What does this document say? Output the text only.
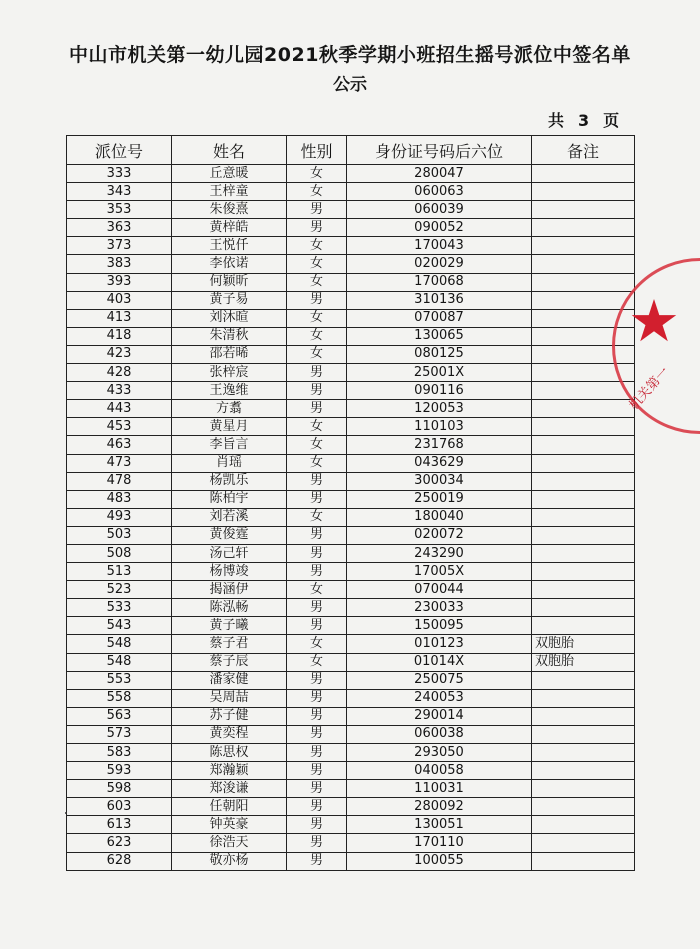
中山市机关第一幼儿园2021秋季学期小班招生摇号派位中签名单
公示
共 3 页
派位号	姓名	性别	身份证号码后六位	备注
333	丘意暖	女	280047	
343	王梓童	女	060063	
353	朱俊熹	男	060039	
363	黄梓皓	男	090052	
373	王悦仟	女	170043	
383	李依诺	女	020029	
393	何颖昕	女	170068	
403	黄子易	男	310136	
413	刘沐暄	女	070087	
418	朱清秋	女	130065	
423	邵若晞	女	080125	
428	张梓宸	男	25001X	
433	王逸维	男	090116	
443	方翥	男	120053	
453	黄星月	女	110103	
463	李旨言	女	231768	
473	肖瑶	女	043629	
478	杨凯乐	男	300034	
483	陈柏宇	男	250019	
493	刘若溪	女	180040	
503	黄俊霆	男	020072	
508	汤己轩	男	243290	
513	杨博竣	男	17005X	
523	揭涵伊	女	070044	
533	陈泓畅	男	230033	
543	黄子曦	男	150095	
548	蔡子君	女	010123	双胞胎
548	蔡子辰	女	01014X	双胞胎
553	潘家健	男	250075	
558	吴周喆	男	240053	
563	苏子健	男	290014	
573	黄奕程	男	060038	
583	陈思权	男	293050	
593	郑瀚颖	男	040058	
598	郑浚谦	男	110031	
603	任朝阳	男	280092	
613	钟英豪	男	130051	
623	徐浩天	男	170110	
628	敬亦杨	男	100055	
★
机关第一
